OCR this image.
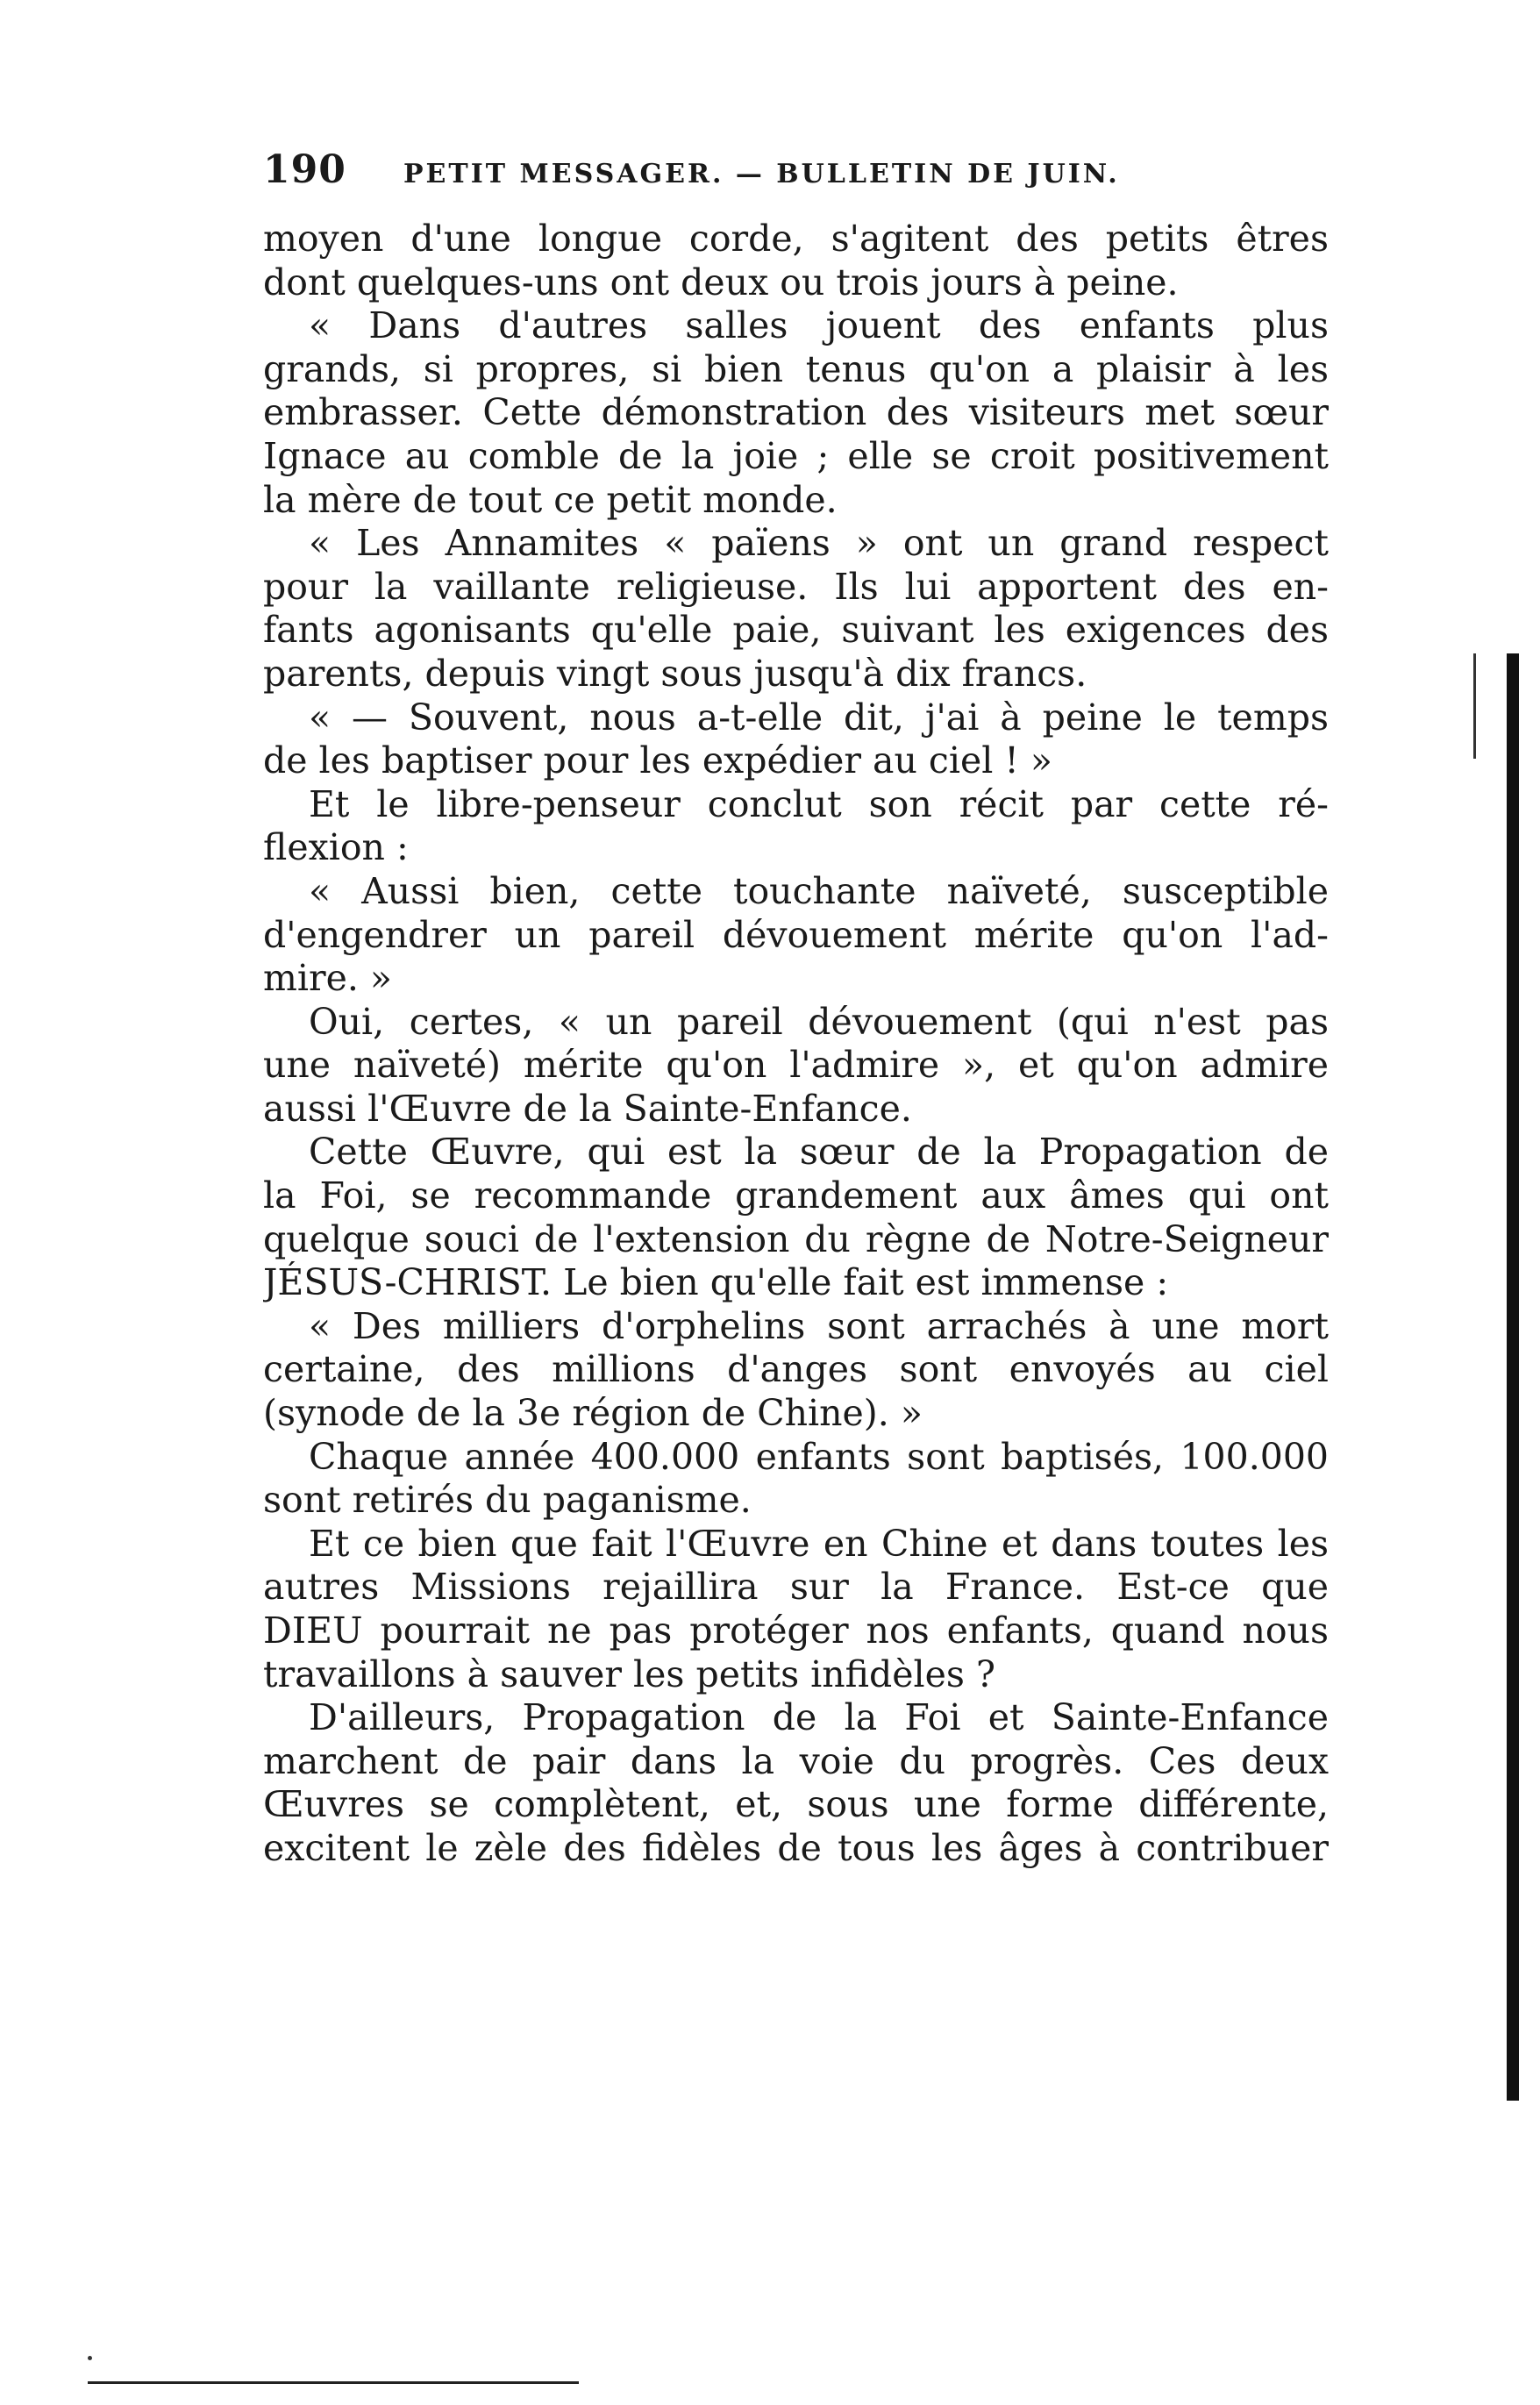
190 PETIT MESSAGER. — BULLETIN DE JUIN.
moyen d'une longue corde, s'agitent des petits êtres
dont quelques-uns ont deux ou trois jours à peine.
« Dans d'autres salles jouent des enfants plus
grands, si propres, si bien tenus qu'on a plaisir à les
embrasser. Cette démonstration des visiteurs met sœur
Ignace au comble de la joie ; elle se croit positivement
la mère de tout ce petit monde.
« Les Annamites « païens » ont un grand respect
pour la vaillante religieuse. Ils lui apportent des en-
fants agonisants qu'elle paie, suivant les exigences des
parents, depuis vingt sous jusqu'à dix francs.
« — Souvent, nous a-t-elle dit, j'ai à peine le temps
de les baptiser pour les expédier au ciel ! »
Et le libre-penseur conclut son récit par cette ré-
flexion :
« Aussi bien, cette touchante naïveté, susceptible
d'engendrer un pareil dévouement mérite qu'on l'ad-
mire. »
Oui, certes, « un pareil dévouement (qui n'est pas
une naïveté) mérite qu'on l'admire », et qu'on admire
aussi l'Œuvre de la Sainte-Enfance.
Cette Œuvre, qui est la sœur de la Propagation de
la Foi, se recommande grandement aux âmes qui ont
quelque souci de l'extension du règne de Notre-Seigneur
JÉSUS-CHRIST. Le bien qu'elle fait est immense :
« Des milliers d'orphelins sont arrachés à une mort
certaine, des millions d'anges sont envoyés au ciel
(synode de la 3e région de Chine). »
Chaque année 400.000 enfants sont baptisés, 100.000
sont retirés du paganisme.
Et ce bien que fait l'Œuvre en Chine et dans toutes les
autres Missions rejaillira sur la France. Est-ce que
DIEU pourrait ne pas protéger nos enfants, quand nous
travaillons à sauver les petits infidèles ?
D'ailleurs, Propagation de la Foi et Sainte-Enfance
marchent de pair dans la voie du progrès. Ces deux
Œuvres se complètent, et, sous une forme différente,
excitent le zèle des fidèles de tous les âges à contribuer
